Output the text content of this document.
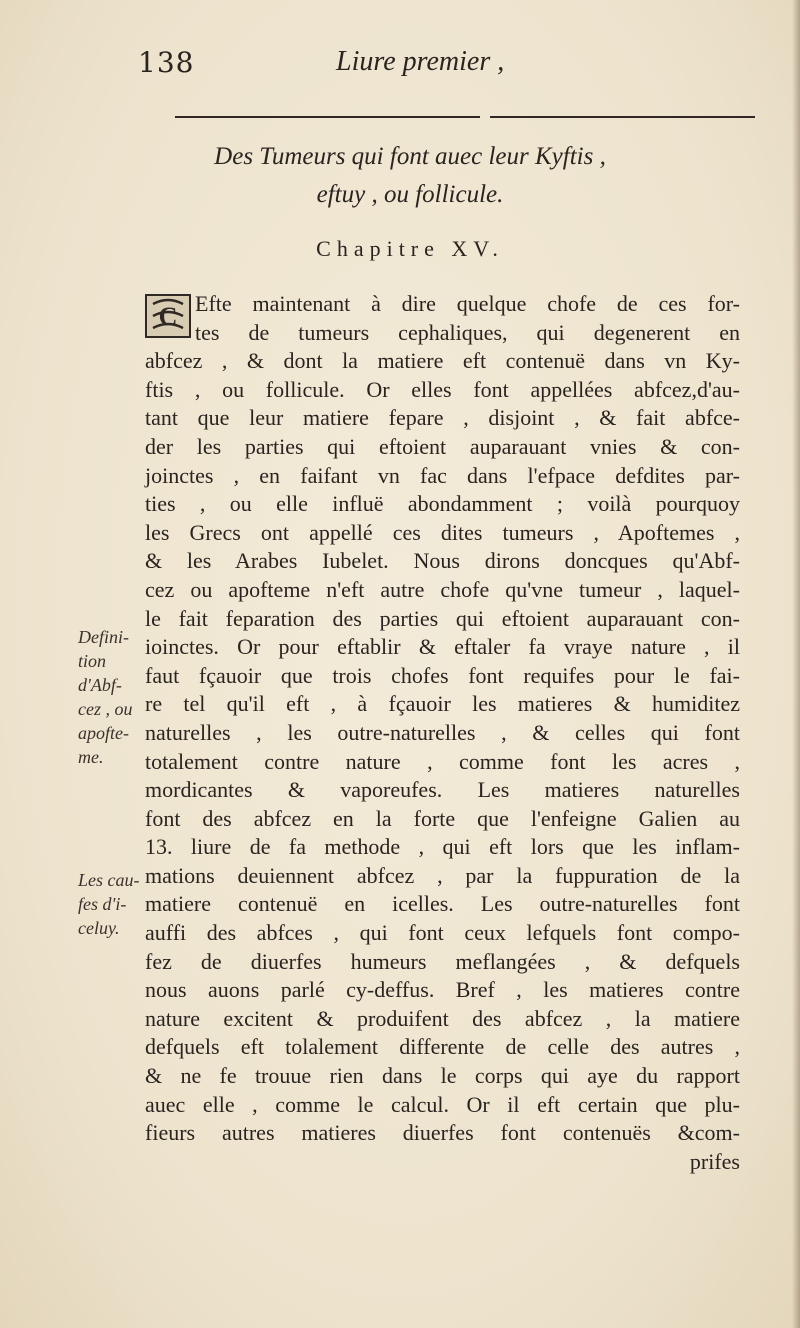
138	Liure premier ,
Des Tumeurs qui font auec leur Kyftis ,
eftuy , ou follicule.
Chapitre XV.
C Efte maintenant à dire quelque chofe de ces for-
tes de tumeurs cephaliques, qui degenerent en
abfcez , & dont la matiere eft contenuë dans vn Ky-
ftis , ou follicule. Or elles font appellées abfcez,d'au-
tant que leur matiere fepare , disjoint , & fait abfce-
der les parties qui eftoient auparauant vnies & con-
joinctes , en faifant vn fac dans l'efpace defdites par-
ties , ou elle influë abondamment ; voilà pourquoy
les Grecs ont appellé ces dites tumeurs , Apoftemes ,
& les Arabes Iubelet. Nous dirons doncques qu'Abf-
cez ou apofteme n'eft autre chofe qu'vne tumeur , laquel-
le fait feparation des parties qui eftoient auparauant con-
ioinctes. Or pour eftablir & eftaler fa vraye nature , il
faut fçauoir que trois chofes font requifes pour le fai-
re tel qu'il eft , à fçauoir les matieres & humiditez
naturelles , les outre-naturelles , & celles qui font
totalement contre nature , comme font les acres ,
mordicantes & vaporeufes. Les matieres naturelles
font des abfcez en la forte que l'enfeigne Galien au
13. liure de fa methode , qui eft lors que les inflam-
mations deuiennent abfcez , par la fuppuration de la
matiere contenuë en icelles. Les outre-naturelles font
auffi des abfces , qui font ceux lefquels font compo-
fez de diuerfes humeurs meflangées , & defquels
nous auons parlé cy-deffus. Bref , les matieres contre
nature excitent & produifent des abfcez , la matiere
defquels eft tolalement differente de celle des autres ,
& ne fe trouue rien dans le corps qui aye du rapport
auec elle , comme le calcul. Or il eft certain que plu-
fieurs autres matieres diuerfes font contenuës &com-
prifes
Defini-
tion
d'Abf-
cez , ou
apofte-
me.
Les cau-
fes d'i-
celuy.
